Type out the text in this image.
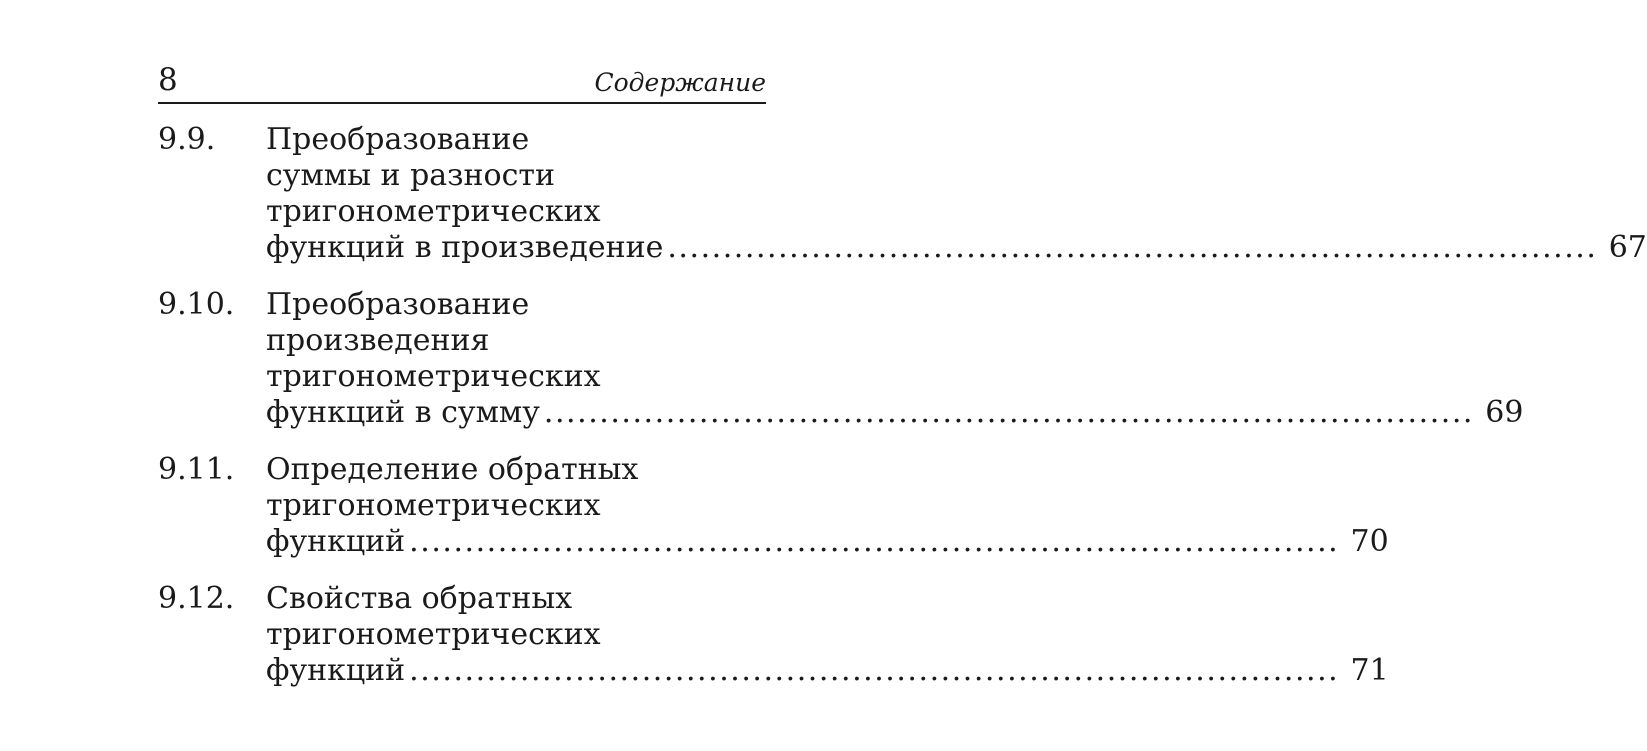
8	Содержание
9.9.	Преобразование
суммы и разности
тригонометрических
функций в произведение . . .	67
9.10.	Преобразование
произведения
тригонометрических
функций в сумму . . .	69
9.11.	Определение обратных
тригонометрических
функций . . .	70
9.12.	Свойства обратных
тригонометрических
функций . . .	71
